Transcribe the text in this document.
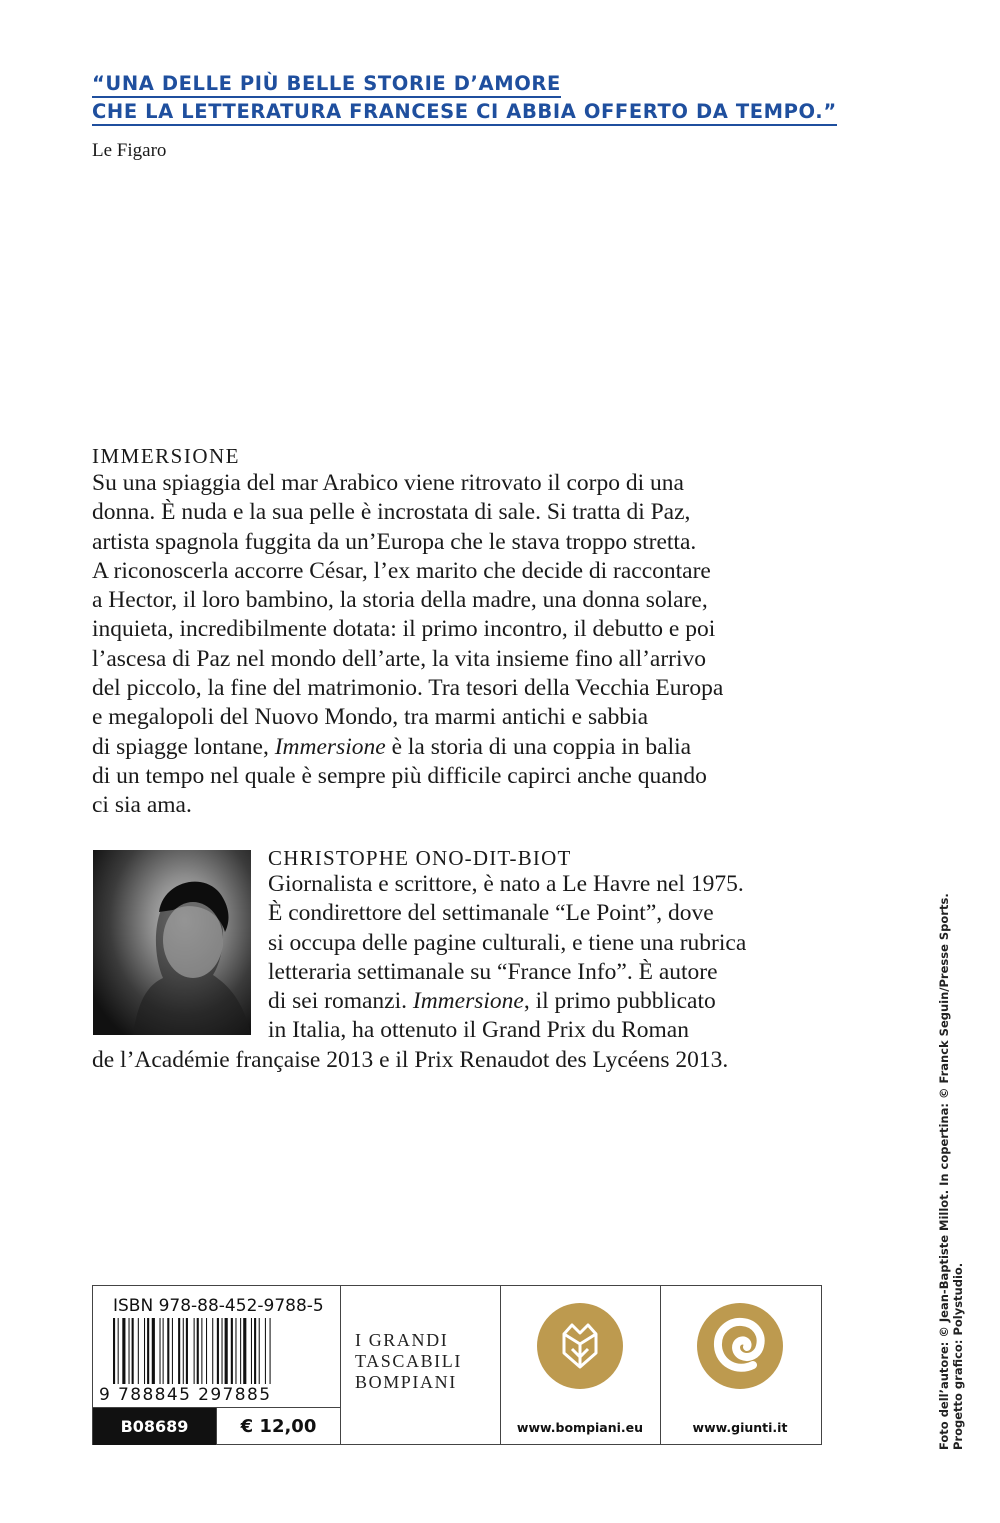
“UNA DELLE PIÙ BELLE STORIE D’AMORE
CHE LA LETTERATURA FRANCESE CI ABBIA OFFERTO DA TEMPO.”
Le Figaro
IMMERSIONE
Su una spiaggia del mar Arabico viene ritrovato il corpo di una
donna. È nuda e la sua pelle è incrostata di sale. Si tratta di Paz,
artista spagnola fuggita da un’Europa che le stava troppo stretta.
A riconoscerla accorre César, l’ex marito che decide di raccontare
a Hector, il loro bambino, la storia della madre, una donna solare,
inquieta, incredibilmente dotata: il primo incontro, il debutto e poi
l’ascesa di Paz nel mondo dell’arte, la vita insieme fino all’arrivo
del piccolo, la fine del matrimonio. Tra tesori della Vecchia Europa
e megalopoli del Nuovo Mondo, tra marmi antichi e sabbia
di spiagge lontane, Immersione è la storia di una coppia in balia
di un tempo nel quale è sempre più difficile capirci anche quando
ci sia ama.
CHRISTOPHE ONO-DIT-BIOT
Giornalista e scrittore, è nato a Le Havre nel 1975.
È condirettore del settimanale “Le Point”, dove
si occupa delle pagine culturali, e tiene una rubrica
letteraria settimanale su “France Info”. È autore
di sei romanzi. Immersione, il primo pubblicato
in Italia, ha ottenuto il Grand Prix du Roman
de l’Académie française 2013 e il Prix Renaudot des Lycéens 2013.	Foto dell’autore: © Jean-Baptiste Millot. In copertina: © Franck Seguin/Presse Sports. Progetto grafico: Polystudio.
ISBN 978-88-452-9788-5
9 788845 297885
B08689	€ 12,00
I GRANDI
TASCABILI
BOMPIANI
www.bompiani.eu	www.giunti.it
